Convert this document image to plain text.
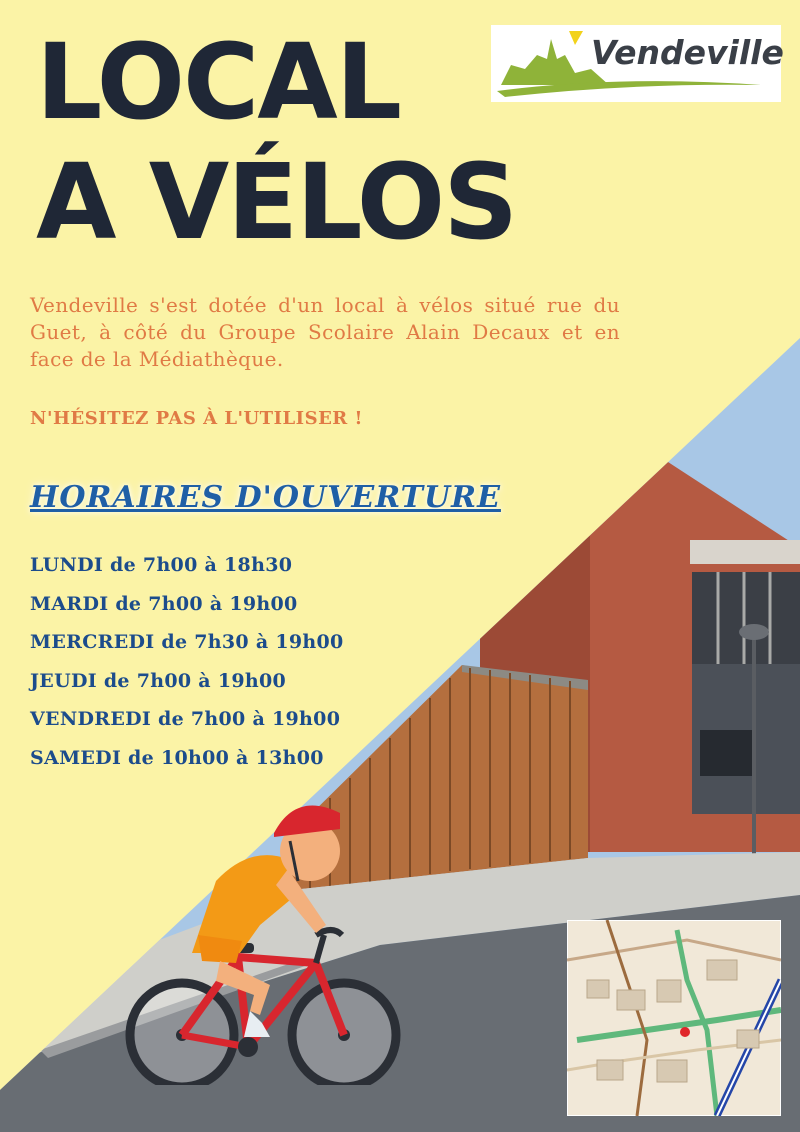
LOCAL
A VÉLOS
Vendeville

Vendeville s'est dotée d'un local à vélos situé rue du Guet, à côté du Groupe Scolaire Alain Decaux et en face de la Médiathèque.

N'HÉSITEZ PAS À L'UTILISER !

HORAIRES D'OUVERTURE
LUNDI de 7h00 à 18h30
MARDI de 7h00 à 19h00
MERCREDI de 7h30 à 19h00
JEUDI de 7h00 à 19h00
VENDREDI de 7h00 à 19h00
SAMEDI de 10h00 à 13h00
